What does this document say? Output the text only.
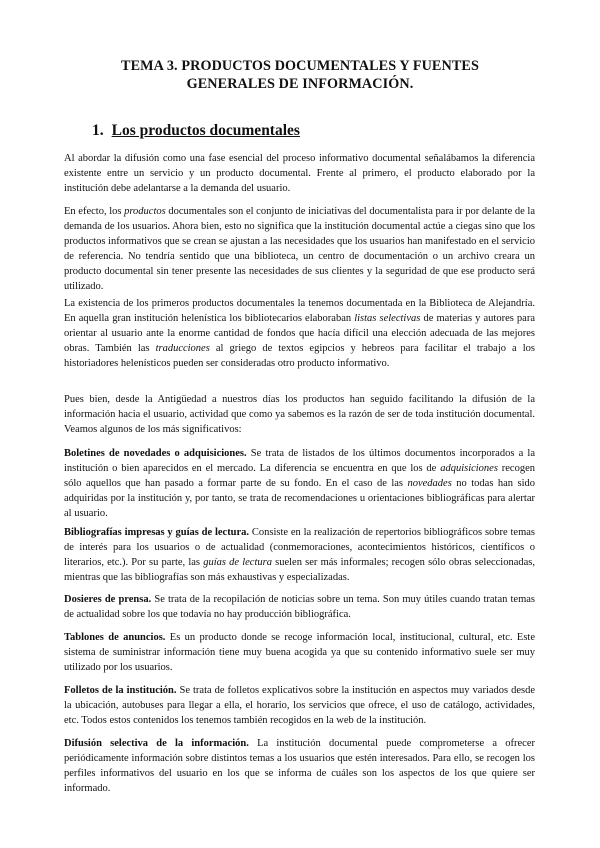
TEMA 3. PRODUCTOS DOCUMENTALES Y FUENTES
GENERALES DE INFORMACIÓN.
1. Los productos documentales

Al abordar la difusión como una fase esencial del proceso informativo documental señalábamos la diferencia existente entre un servicio y un producto documental. Frente al primero, el producto elaborado por la institución debe adelantarse a la demanda del usuario.

En efecto, los productos documentales son el conjunto de iniciativas del documentalista para ir por delante de la demanda de los usuarios. Ahora bien, esto no significa que la institución documental actúe a ciegas sino que los productos informativos que se crean se ajustan a las necesidades que los usuarios han manifestado en el servicio de referencia. No tendría sentido que una biblioteca, un centro de documentación o un archivo creara un producto documental sin tener presente las necesidades de sus clientes y la seguridad de que ese producto será utilizado.

La existencia de los primeros productos documentales la tenemos documentada en la Biblioteca de Alejandría. En aquella gran institución helenística los bibliotecarios elaboraban listas selectivas de materias y autores para orientar al usuario ante la enorme cantidad de fondos que hacía difícil una elección adecuada de las mejores obras. También las traducciones al griego de textos egipcios y hebreos para facilitar el trabajo a los historiadores helenísticos pueden ser consideradas otro producto informativo.

Pues bien, desde la Antigüedad a nuestros días los productos han seguido facilitando la difusión de la información hacia el usuario, actividad que como ya sabemos es la razón de ser de toda institución documental. Veamos algunos de los más significativos:

Boletines de novedades o adquisiciones. Se trata de listados de los últimos documentos incorporados a la institución o bien aparecidos en el mercado. La diferencia se encuentra en que los de adquisiciones recogen sólo aquellos que han pasado a formar parte de su fondo. En el caso de las novedades no todas han sido adquiridas por la institución y, por tanto, se trata de recomendaciones u orientaciones bibliográficas para alertar al usuario.

Bibliografías impresas y guías de lectura. Consiste en la realización de repertorios bibliográficos sobre temas de interés para los usuarios o de actualidad (conmemoraciones, acontecimientos históricos, científicos o literarios, etc.). Por su parte, las guías de lectura suelen ser más informales; recogen sólo obras seleccionadas, mientras que las bibliografías son más exhaustivas y especializadas.

Dosieres de prensa. Se trata de la recopilación de noticias sobre un tema. Son muy útiles cuando tratan temas de actualidad sobre los que todavía no hay producción bibliográfica.

Tablones de anuncios. Es un producto donde se recoge información local, institucional, cultural, etc. Este sistema de suministrar información tiene muy buena acogida ya que su contenido informativo suele ser muy utilizado por los usuarios.

Folletos de la institución. Se trata de folletos explicativos sobre la institución en aspectos muy variados desde la ubicación, autobuses para llegar a ella, el horario, los servicios que ofrece, el uso de catálogo, actividades, etc. Todos estos contenidos los tenemos también recogidos en la web de la institución.

Difusión selectiva de la información. La institución documental puede comprometerse a ofrecer periódicamente información sobre distintos temas a los usuarios que estén interesados. Para ello, se recogen los perfiles informativos del usuario en los que se informa de cuáles son los aspectos de los que quiere ser informado.
